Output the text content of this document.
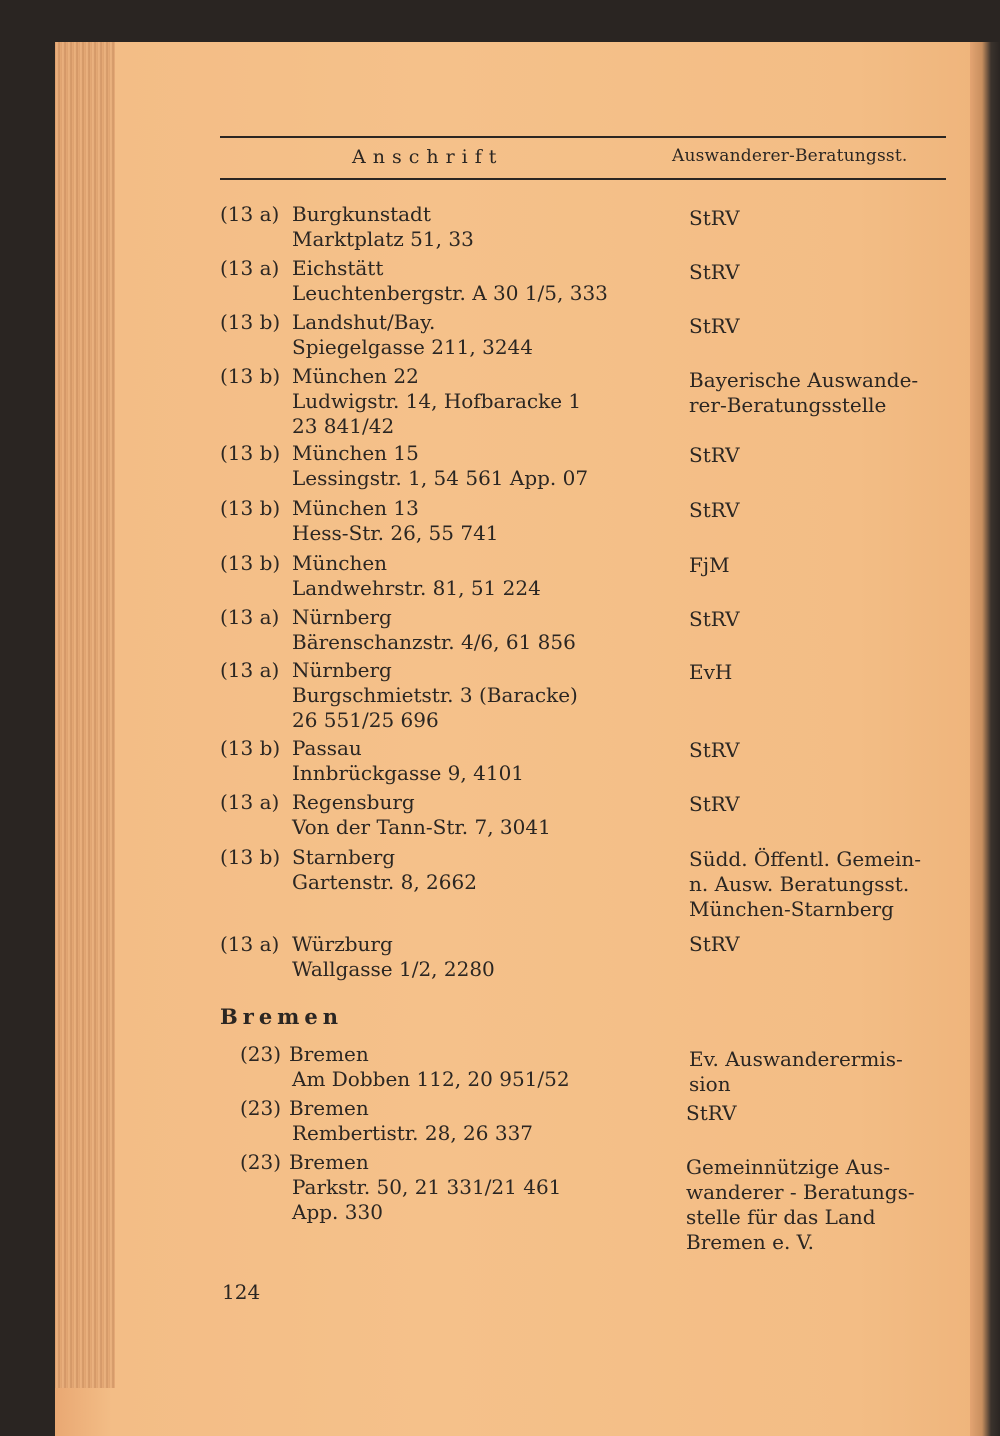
Anschrift	Auswanderer-Beratungsst.
(13 a) Burgkunstadt
Marktplatz 51, 33
StRV
(13 a) Eichstätt
Leuchtenbergstr. A 30 1/5, 333
StRV
(13 b) Landshut/Bay.
Spiegelgasse 211, 3244
StRV
(13 b) München 22
Ludwigstr. 14, Hofbaracke 1
23 841/42
Bayerische Auswande-
rer-Beratungsstelle
(13 b) München 15
Lessingstr. 1, 54 561 App. 07
StRV
(13 b) München 13
Hess-Str. 26, 55 741
StRV
(13 b) München
Landwehrstr. 81, 51 224
FjM
(13 a) Nürnberg
Bärenschanzstr. 4/6, 61 856
StRV
(13 a) Nürnberg
Burgschmietstr. 3 (Baracke)
26 551/25 696
EvH
(13 b) Passau
Innbrückgasse 9, 4101
StRV
(13 a) Regensburg
Von der Tann-Str. 7, 3041
StRV
(13 b) Starnberg
Gartenstr. 8, 2662
Südd. Öffentl. Gemein-
n. Ausw. Beratungsst.
München-Starnberg
(13 a) Würzburg
Wallgasse 1/2, 2280
StRV
Bremen
(23) Bremen
Am Dobben 112, 20 951/52
Ev. Auswanderermis-
sion
(23) Bremen
Rembertistr. 28, 26 337
StRV
(23) Bremen
Parkstr. 50, 21 331/21 461
App. 330
Gemeinnützige Aus-
wanderer - Beratungs-
stelle für das Land
Bremen e. V.
124
